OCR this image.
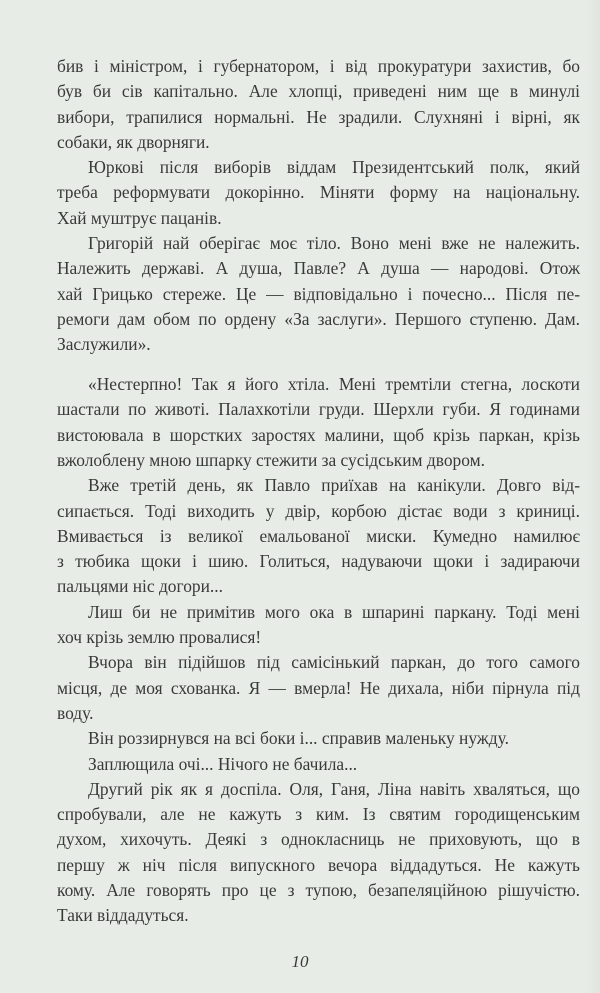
бив і міністром, і губернатором, і від прокуратури захистив, бо
був би сів капітально. Але хлопці, приведені ним ще в минулі
вибори, трапилися нормальні. Не зрадили. Слухняні і вірні, як
собаки, як дворняги.
Юркові після виборів віддам Президентський полк, який
треба реформувати докорінно. Міняти форму на національну.
Хай муштрує пацанів.
Григорій най оберігає моє тіло. Воно мені вже не належить.
Належить державі. А душа, Павле? А душа — народові. Отож
хай Грицько стереже. Це — відповідально і почесно... Після пе-
ремоги дам обом по ордену «За заслуги». Першого ступеню. Дам.
Заслужили».
«Нестерпно! Так я його хтіла. Мені тремтіли стегна, лоскоти
шастали по животі. Палахкотіли груди. Шерхли губи. Я годинами
вистоювала в шорстких заростях малини, щоб крізь паркан, крізь
вжолоблену мною шпарку стежити за сусідським двором.
Вже третій день, як Павло приїхав на канікули. Довго від-
сипається. Тоді виходить у двір, корбою дістає води з криниці.
Вмивається із великої емальованої миски. Кумедно намилює
з тюбика щоки і шию. Голиться, надуваючи щоки і задираючи
пальцями ніс догори...
Лиш би не примітив мого ока в шпарині паркану. Тоді мені
хоч крізь землю провалися!
Вчора він підійшов під самісінький паркан, до того самого
місця, де моя схованка. Я — вмерла! Не дихала, ніби пірнула під
воду.
Він роззирнувся на всі боки і... справив маленьку нужду.
Заплющила очі... Нічого не бачила...
Другий рік як я доспіла. Оля, Ганя, Ліна навіть хваляться, що
спробували, але не кажуть з ким. Із святим городищенським
духом, хихочуть. Деякі з однокласниць не приховують, що в
першу ж ніч після випускного вечора віддадуться. Не кажуть
кому. Але говорять про це з тупою, безапеляційною рішучістю.
Таки віддадуться.
10
